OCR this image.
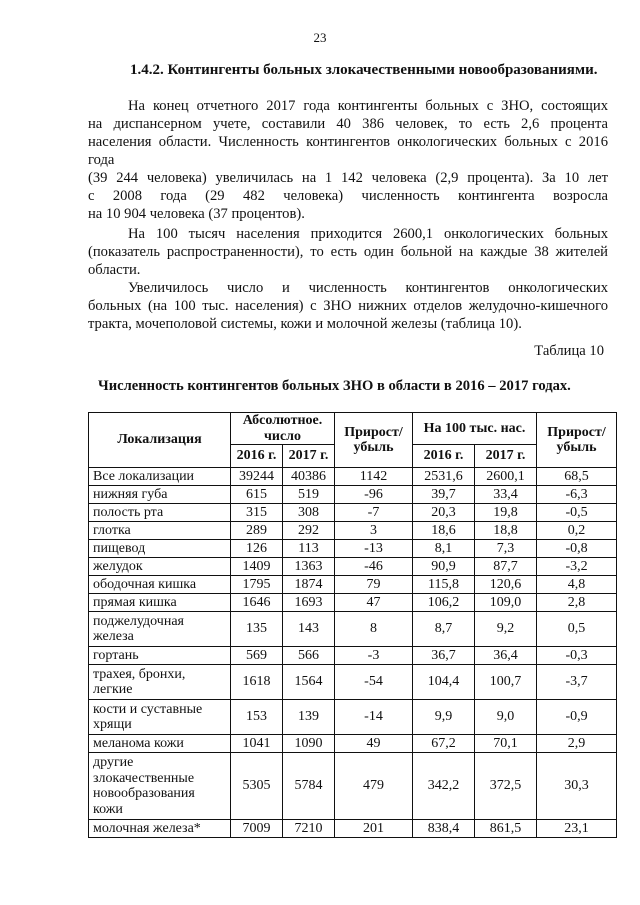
23
1.4.2. Контингенты больных злокачественными новообразованиями.
На конец отчетного 2017 года контингенты больных с ЗНО, состоящих
на диспансерном учете, составили 40 386 человек, то есть 2,6 процента
населения области. Численность контингентов онкологических больных с 2016
года
(39 244 человека) увеличилась на 1 142 человека (2,9 процента). За 10 лет
с 2008 года (29 482 человека) численность контингента возросла
на 10 904 человека (37 процентов).
На 100 тысяч населения приходится 2600,1 онкологических больных
(показатель распространенности), то есть один больной на каждые 38 жителей
области.
Увеличилось число и численность контингентов онкологических
больных (на 100 тыс. населения) с ЗНО нижних отделов желудочно-кишечного
тракта, мочеполовой системы, кожи и молочной железы (таблица 10).
Таблица 10
Численность контингентов больных ЗНО в области в 2016 – 2017 годах.
Локализация	Абсолютное. число		Прирост/ убыль	На 100 тыс. нас.		Прирост/ убыль
	2016 г.	2017 г.		2016 г.	2017 г.	
Все локализации	39244	40386	1142	2531,6	2600,1	68,5
нижняя губа	615	519	-96	39,7	33,4	-6,3
полость рта	315	308	-7	20,3	19,8	-0,5
глотка	289	292	3	18,6	18,8	0,2
пищевод	126	113	-13	8,1	7,3	-0,8
желудок	1409	1363	-46	90,9	87,7	-3,2
ободочная кишка	1795	1874	79	115,8	120,6	4,8
прямая кишка	1646	1693	47	106,2	109,0	2,8
поджелудочная железа	135	143	8	8,7	9,2	0,5
гортань	569	566	-3	36,7	36,4	-0,3
трахея, бронхи, легкие	1618	1564	-54	104,4	100,7	-3,7
кости и суставные хрящи	153	139	-14	9,9	9,0	-0,9
меланома кожи	1041	1090	49	67,2	70,1	2,9
другие злокачественные новообразования кожи	5305	5784	479	342,2	372,5	30,3
молочная железа*	7009	7210	201	838,4	861,5	23,1
